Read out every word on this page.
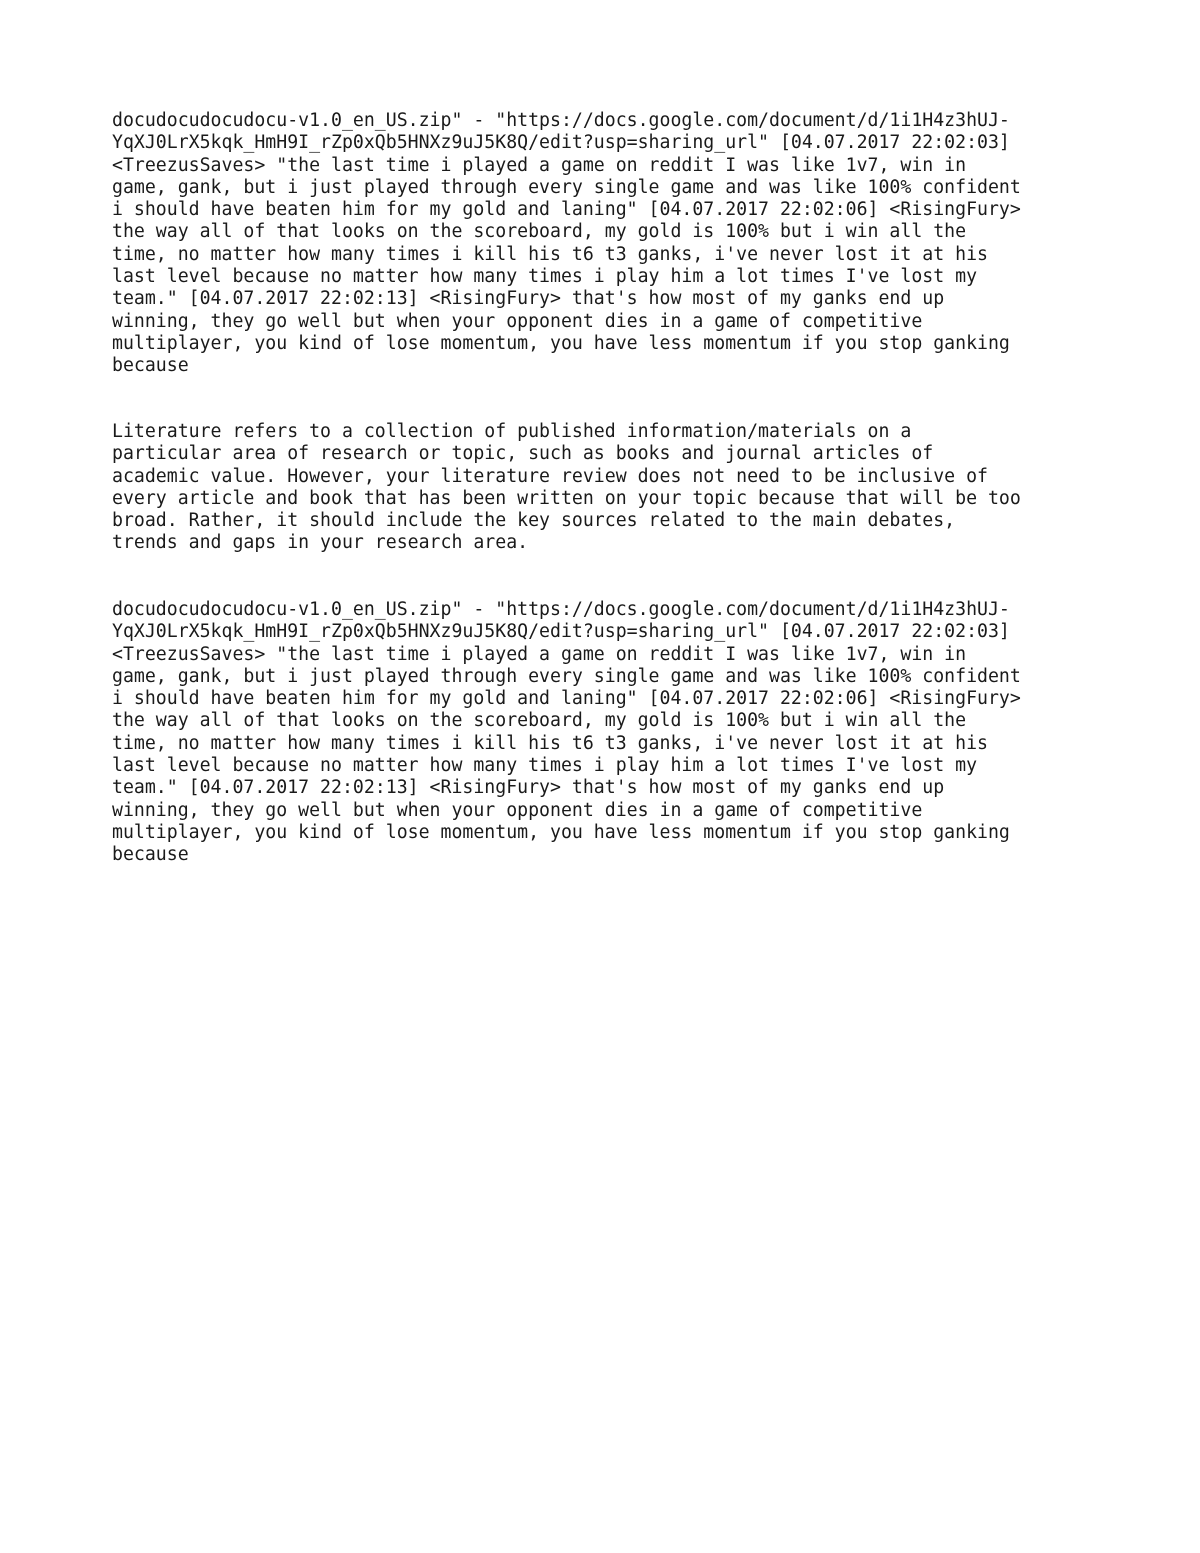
docudocudocudocu-v1.0_en_US.zip" - "https://docs.google.com/document/d/1i1H4z3hUJ-
YqXJ0LrX5kqk_HmH9I_rZp0xQb5HNXz9uJ5K8Q/edit?usp=sharing_url" [04.07.2017 22:02:03]
<TreezusSaves> "the last time i played a game on reddit I was like 1v7, win in
game, gank, but i just played through every single game and was like 100% confident
i should have beaten him for my gold and laning" [04.07.2017 22:02:06] <RisingFury>
the way all of that looks on the scoreboard, my gold is 100% but i win all the
time, no matter how many times i kill his t6 t3 ganks, i've never lost it at his
last level because no matter how many times i play him a lot times I've lost my
team." [04.07.2017 22:02:13] <RisingFury> that's how most of my ganks end up
winning, they go well but when your opponent dies in a game of competitive
multiplayer, you kind of lose momentum, you have less momentum if you stop ganking
because

Literature refers to a collection of published information/materials on a
particular area of research or topic, such as books and journal articles of
academic value. However, your literature review does not need to be inclusive of
every article and book that has been written on your topic because that will be too
broad. Rather, it should include the key sources related to the main debates,
trends and gaps in your research area.

docudocudocudocu-v1.0_en_US.zip" - "https://docs.google.com/document/d/1i1H4z3hUJ-
YqXJ0LrX5kqk_HmH9I_rZp0xQb5HNXz9uJ5K8Q/edit?usp=sharing_url" [04.07.2017 22:02:03]
<TreezusSaves> "the last time i played a game on reddit I was like 1v7, win in
game, gank, but i just played through every single game and was like 100% confident
i should have beaten him for my gold and laning" [04.07.2017 22:02:06] <RisingFury>
the way all of that looks on the scoreboard, my gold is 100% but i win all the
time, no matter how many times i kill his t6 t3 ganks, i've never lost it at his
last level because no matter how many times i play him a lot times I've lost my
team." [04.07.2017 22:02:13] <RisingFury> that's how most of my ganks end up
winning, they go well but when your opponent dies in a game of competitive
multiplayer, you kind of lose momentum, you have less momentum if you stop ganking
because
